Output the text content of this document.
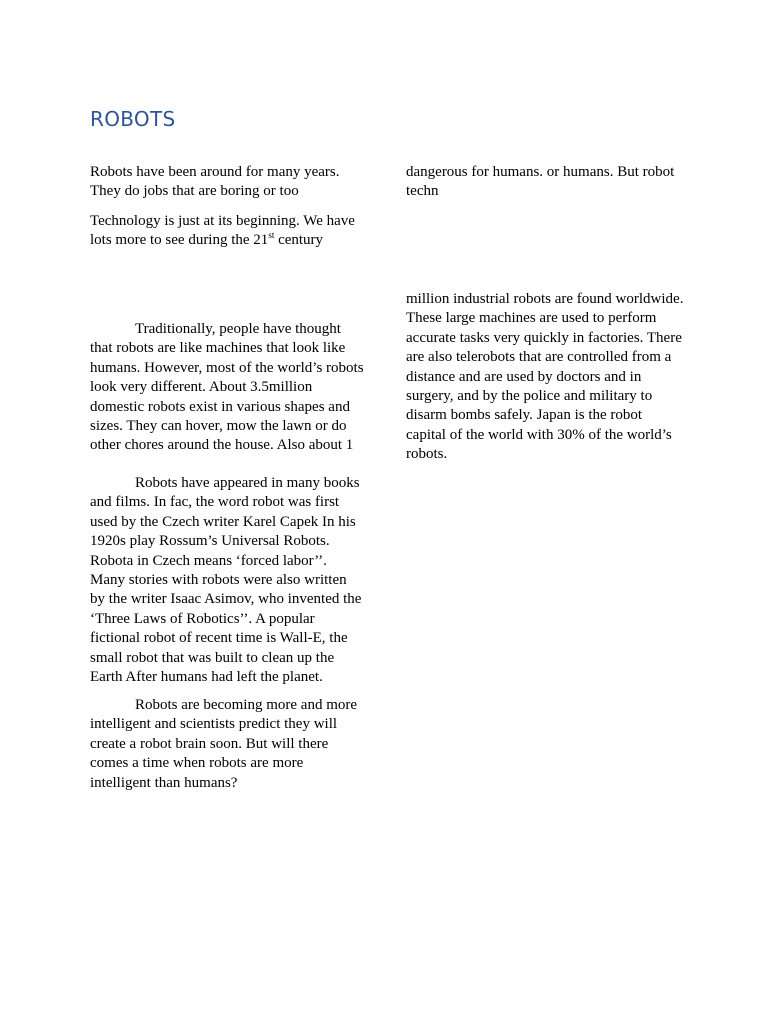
ROBOTS

Robots have been around for many years. They do jobs that are boring or too

Technology is just at its beginning. We have lots more to see during the 21st century

Traditionally, people have thought that robots are like machines that look like humans. However, most of the world’s robots look very different. About 3.5million domestic robots exist in various shapes and sizes. They can hover, mow the lawn or do other chores around the house. Also about 1

Robots have appeared in many books and films. In fac, the word robot was first used by the Czech writer Karel Capek In his 1920s play Rossum’s Universal Robots. Robota in Czech means ‘forced labor’’. Many stories with robots were also written by the writer Isaac Asimov, who invented the ‘Three Laws of Robotics’’. A popular fictional robot of recent time is Wall-E, the small robot that was built to clean up the Earth After humans had left the planet.

Robots are becoming more and more intelligent and scientists predict they will create a robot brain soon. But will there comes a time when robots are more intelligent than humans?

dangerous for humans. or humans. But robot techn

million industrial robots are found worldwide. These large machines are used to perform accurate tasks very quickly in factories. There are also telerobots that are controlled from a distance and are used by doctors and in surgery, and by the police and military to disarm bombs safely. Japan is the robot capital of the world with 30% of the world’s robots.
